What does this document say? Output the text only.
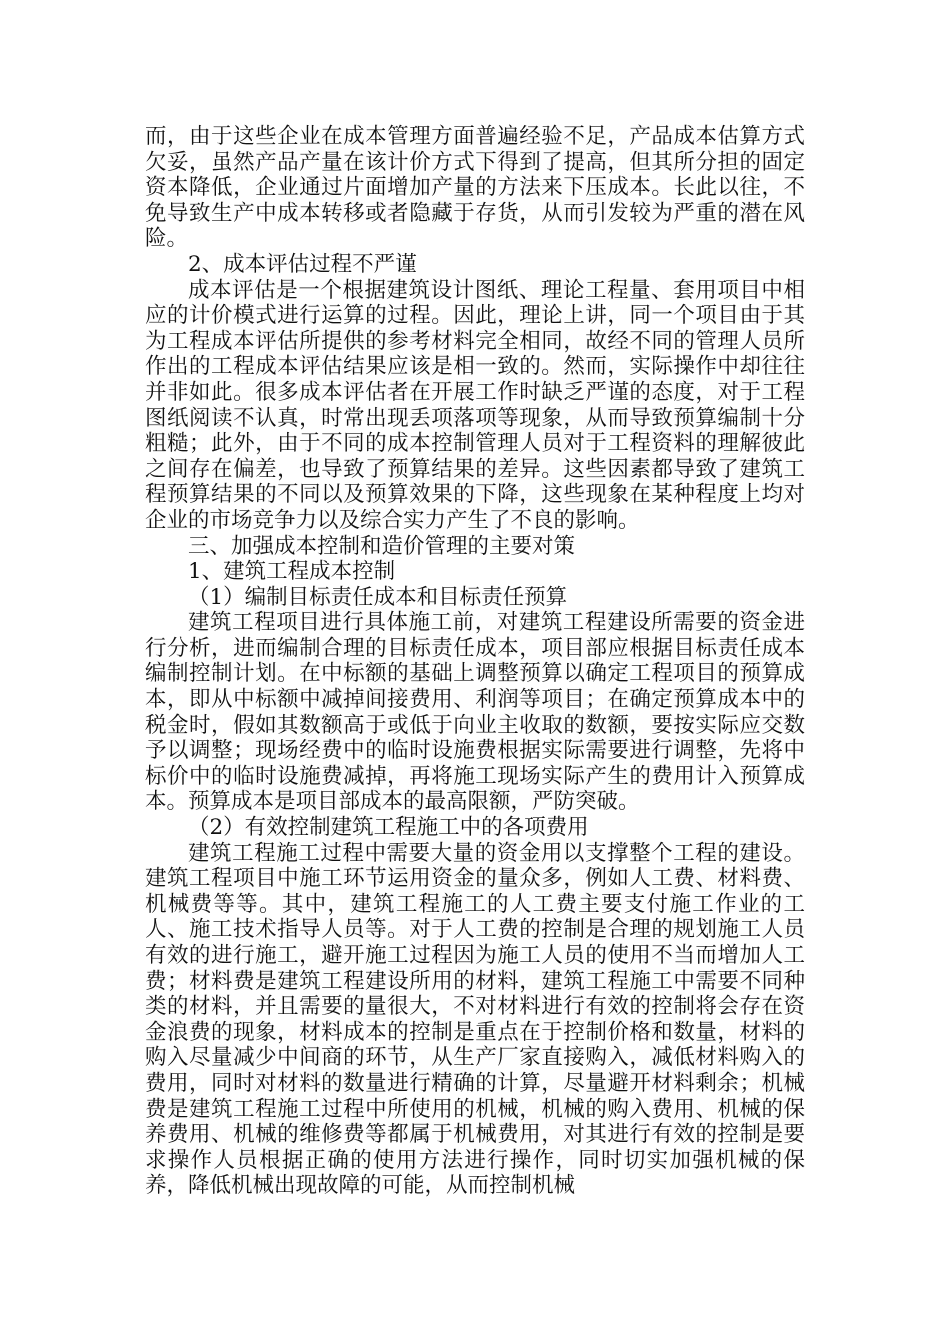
而，由于这些企业在成本管理方面普遍经验不足，产品成本估算方式欠妥，虽然产品产量在该计价方式下得到了提高，但其所分担的固定资本降低，企业通过片面增加产量的方法来下压成本。长此以往，不免导致生产中成本转移或者隐藏于存货，从而引发较为严重的潜在风险。

2、成本评估过程不严谨

成本评估是一个根据建筑设计图纸、理论工程量、套用项目中相应的计价模式进行运算的过程。因此，理论上讲，同一个项目由于其为工程成本评估所提供的参考材料完全相同，故经不同的管理人员所作出的工程成本评估结果应该是相一致的。然而，实际操作中却往往并非如此。很多成本评估者在开展工作时缺乏严谨的态度，对于工程图纸阅读不认真，时常出现丢项落项等现象，从而导致预算编制十分粗糙；此外，由于不同的成本控制管理人员对于工程资料的理解彼此之间存在偏差，也导致了预算结果的差异。这些因素都导致了建筑工程预算结果的不同以及预算效果的下降，这些现象在某种程度上均对企业的市场竞争力以及综合实力产生了不良的影响。

三、加强成本控制和造价管理的主要对策

1、建筑工程成本控制

（1）编制目标责任成本和目标责任预算

建筑工程项目进行具体施工前，对建筑工程建设所需要的资金进行分析，进而编制合理的目标责任成本，项目部应根据目标责任成本编制控制计划。在中标额的基础上调整预算以确定工程项目的预算成本，即从中标额中减掉间接费用、利润等项目；在确定预算成本中的税金时，假如其数额高于或低于向业主收取的数额，要按实际应交数予以调整；现场经费中的临时设施费根据实际需要进行调整，先将中标价中的临时设施费减掉，再将施工现场实际产生的费用计入预算成本。预算成本是项目部成本的最高限额，严防突破。

（2）有效控制建筑工程施工中的各项费用

建筑工程施工过程中需要大量的资金用以支撑整个工程的建设。建筑工程项目中施工环节运用资金的量众多，例如人工费、材料费、机械费等等。其中，建筑工程施工的人工费主要支付施工作业的工人、施工技术指导人员等。对于人工费的控制是合理的规划施工人员有效的进行施工，避开施工过程因为施工人员的使用不当而增加人工费；材料费是建筑工程建设所用的材料，建筑工程施工中需要不同种类的材料，并且需要的量很大，不对材料进行有效的控制将会存在资金浪费的现象，材料成本的控制是重点在于控制价格和数量，材料的购入尽量减少中间商的环节，从生产厂家直接购入，减低材料购入的费用，同时对材料的数量进行精确的计算，尽量避开材料剩余；机械费是建筑工程施工过程中所使用的机械，机械的购入费用、机械的保养费用、机械的维修费等都属于机械费用，对其进行有效的控制是要求操作人员根据正确的使用方法进行操作，同时切实加强机械的保养，降低机械出现故障的可能，从而控制机械
